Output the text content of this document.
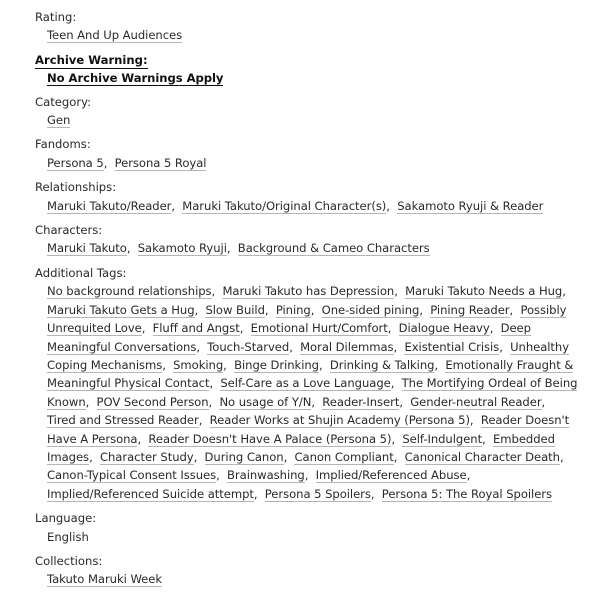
Rating:
Teen And Up Audiences
Archive Warning:
No Archive Warnings Apply
Category:
Gen
Fandoms:
Persona 5,  Persona 5 Royal
Relationships:
Maruki Takuto/Reader,  Maruki Takuto/Original Character(s),  Sakamoto Ryuji & Reader
Characters:
Maruki Takuto,  Sakamoto Ryuji,  Background & Cameo Characters
Additional Tags:
No background relationships,  Maruki Takuto has Depression,  Maruki Takuto Needs a Hug,  Maruki Takuto Gets a Hug,  Slow Build,  Pining,  One-sided pining,  Pining Reader,  Possibly Unrequited Love,  Fluff and Angst,  Emotional Hurt/Comfort,  Dialogue Heavy,  Deep Meaningful Conversations,  Touch-Starved,  Moral Dilemmas,  Existential Crisis,  Unhealthy Coping Mechanisms,  Smoking,  Binge Drinking,  Drinking & Talking,  Emotionally Fraught & Meaningful Physical Contact,  Self-Care as a Love Language,  The Mortifying Ordeal of Being Known,  POV Second Person,  No usage of Y/N,  Reader-Insert,  Gender-neutral Reader,  Tired and Stressed Reader,  Reader Works at Shujin Academy (Persona 5),  Reader Doesn't Have A Persona,  Reader Doesn't Have A Palace (Persona 5),  Self-Indulgent,  Embedded Images,  Character Study,  During Canon,  Canon Compliant,  Canonical Character Death,  Canon-Typical Consent Issues,  Brainwashing,  Implied/Referenced Abuse,  Implied/Referenced Suicide attempt,  Persona 5 Spoilers,  Persona 5: The Royal Spoilers
Language:
English
Collections:
Takuto Maruki Week
